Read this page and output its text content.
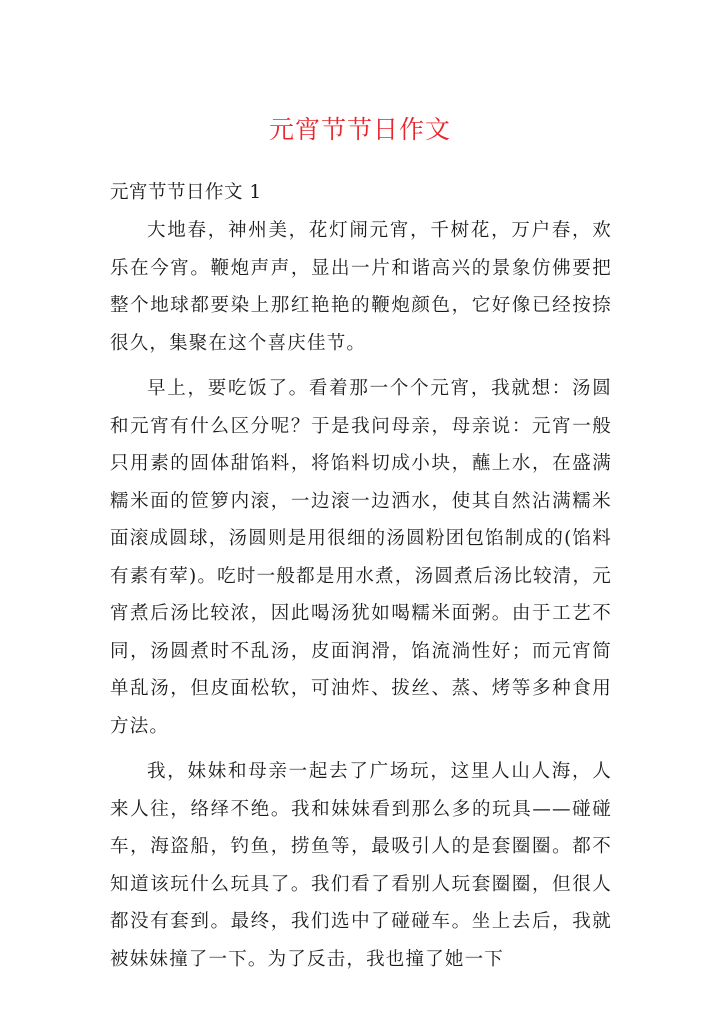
元宵节节日作文
元宵节节日作文 1

大地春，神州美，花灯闹元宵，千树花，万户春，欢乐在今宵。鞭炮声声，显出一片和谐高兴的景象仿佛要把整个地球都要染上那红艳艳的鞭炮颜色，它好像已经按捺很久，集聚在这个喜庆佳节。

早上，要吃饭了。看着那一个个元宵，我就想：汤圆和元宵有什么区分呢？于是我问母亲，母亲说：元宵一般只用素的固体甜馅料，将馅料切成小块，蘸上水，在盛满糯米面的笸箩内滚，一边滚一边洒水，使其自然沾满糯米面滚成圆球，汤圆则是用很细的汤圆粉团包馅制成的(馅料有素有荤)。吃时一般都是用水煮，汤圆煮后汤比较清，元宵煮后汤比较浓，因此喝汤犹如喝糯米面粥。由于工艺不同，汤圆煮时不乱汤，皮面润滑，馅流淌性好；而元宵简单乱汤，但皮面松软，可油炸、拔丝、蒸、烤等多种食用方法。

我，妹妹和母亲一起去了广场玩，这里人山人海，人来人往，络绎不绝。我和妹妹看到那么多的玩具——碰碰车，海盗船，钓鱼，捞鱼等，最吸引人的是套圈圈。都不知道该玩什么玩具了。我们看了看别人玩套圈圈，但很人都没有套到。最终，我们选中了碰碰车。坐上去后，我就被妹妹撞了一下。为了反击，我也撞了她一下
